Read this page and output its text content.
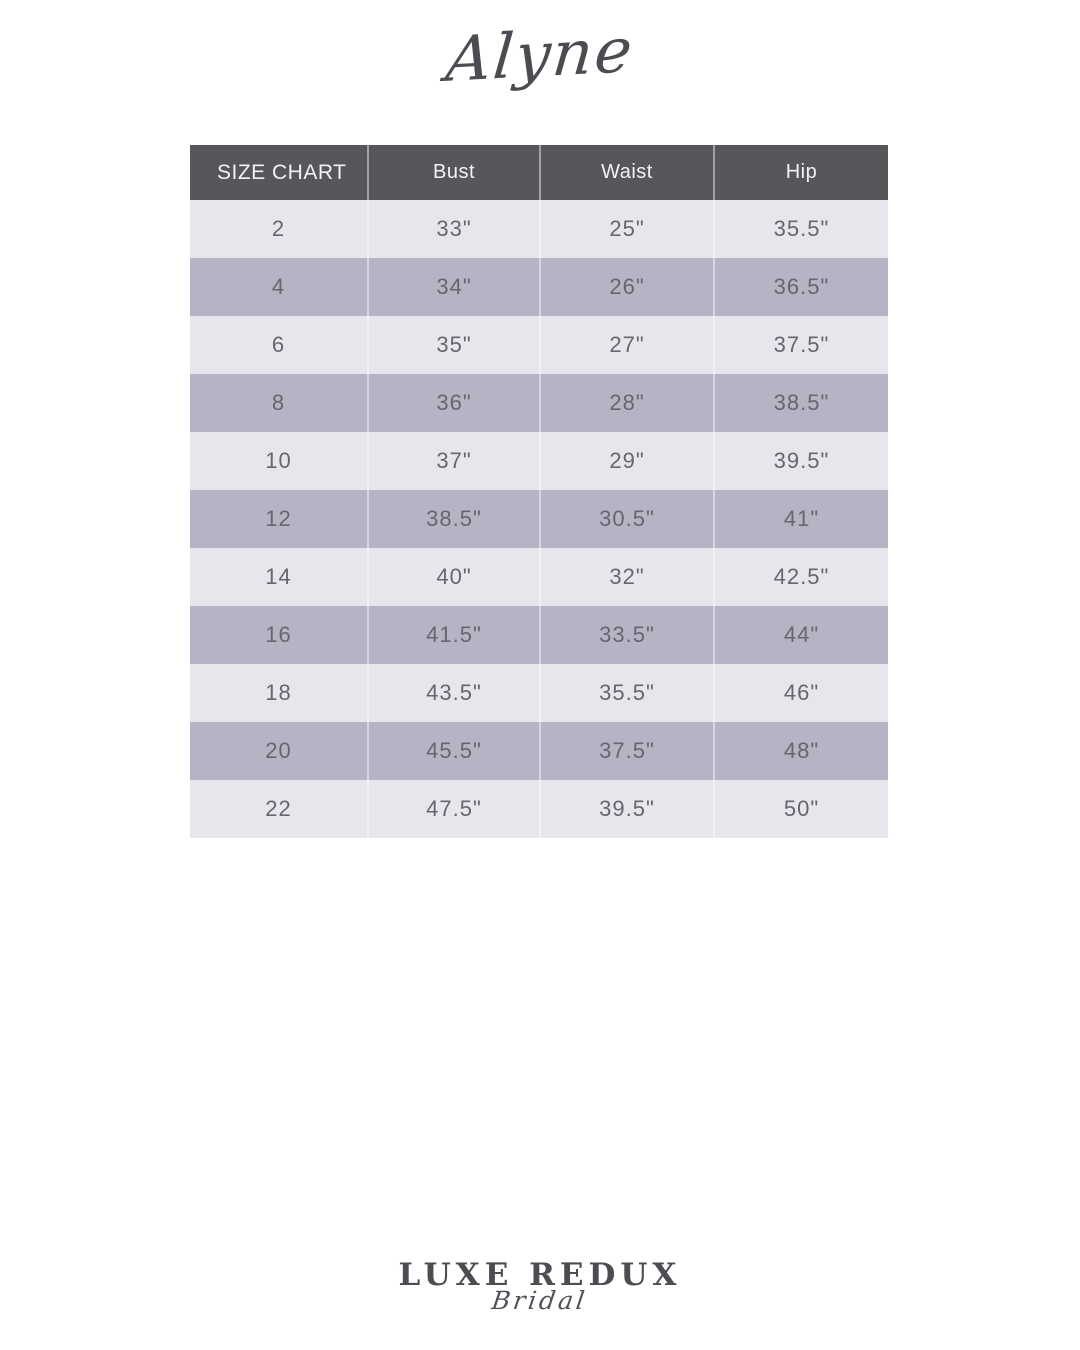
Alyne
SIZE CHART	Bust	Waist	Hip
2	33"	25"	35.5"
4	34"	26"	36.5"
6	35"	27"	37.5"
8	36"	28"	38.5"
10	37"	29"	39.5"
12	38.5"	30.5"	41"
14	40"	32"	42.5"
16	41.5"	33.5"	44"
18	43.5"	35.5"	46"
20	45.5"	37.5"	48"
22	47.5"	39.5"	50"
LUXE REDUX
Bridal
